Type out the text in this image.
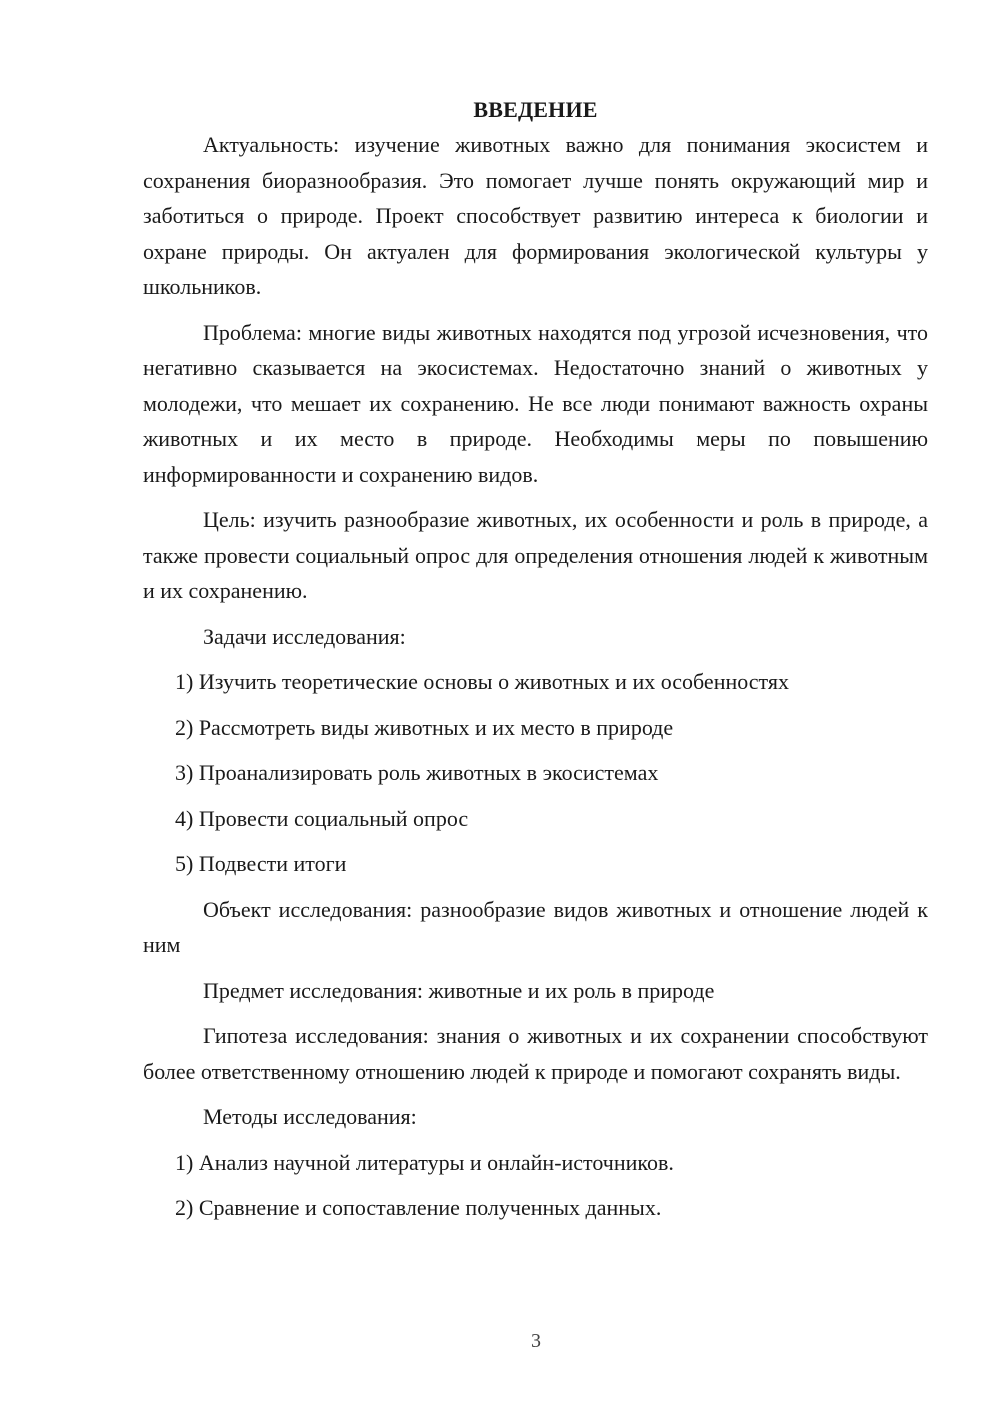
ВВЕДЕНИЕ

Актуальность: изучение животных важно для понимания экосистем и сохранения биоразнообразия. Это помогает лучше понять окружающий мир и заботиться о природе. Проект способствует развитию интереса к биологии и охране природы. Он актуален для формирования экологической культуры у школьников.

Проблема: многие виды животных находятся под угрозой исчезновения, что негативно сказывается на экосистемах. Недостаточно знаний о животных у молодежи, что мешает их сохранению. Не все люди понимают важность охраны животных и их место в природе. Необходимы меры по повышению информированности и сохранению видов.

Цель: изучить разнообразие животных, их особенности и роль в природе, а также провести социальный опрос для определения отношения людей к животным и их сохранению.

Задачи исследования:

1) Изучить теоретические основы о животных и их особенностях
2) Рассмотреть виды животных и их место в природе
3) Проанализировать роль животных в экосистемах
4) Провести социальный опрос
5) Подвести итоги

Объект исследования: разнообразие видов животных и отношение людей к ним

Предмет исследования: животные и их роль в природе

Гипотеза исследования: знания о животных и их сохранении способствуют более ответственному отношению людей к природе и помогают сохранять виды.

Методы исследования:

1) Анализ научной литературы и онлайн-источников.
2) Сравнение и сопоставление полученных данных.
3
